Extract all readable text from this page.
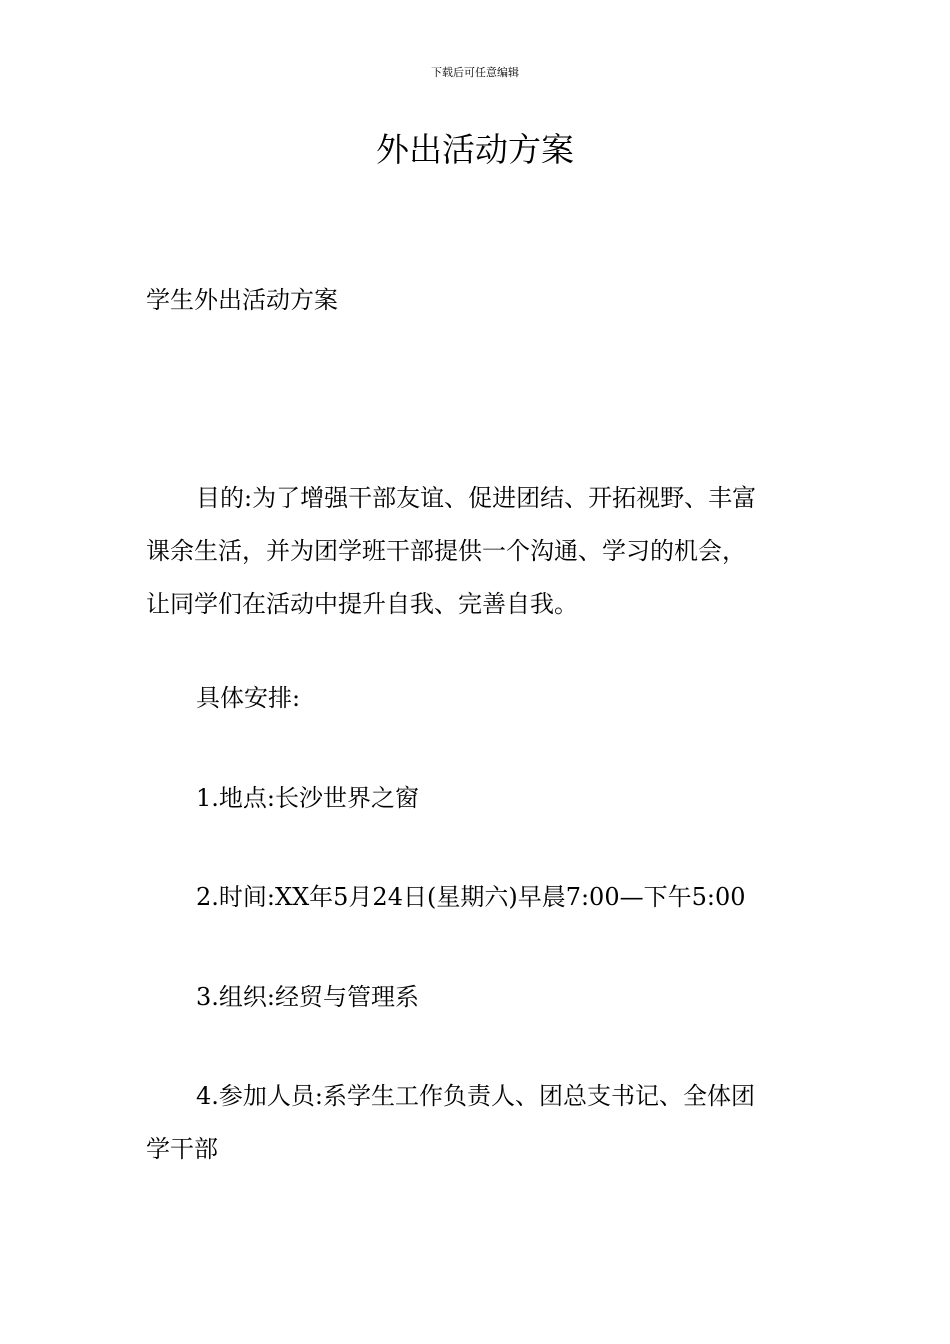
下载后可任意编辑
外出活动方案

学生外出活动方案

目的:为了增强干部友谊、促进团结、开拓视野、丰富
课余生活，并为团学班干部提供一个沟通、学习的机会，
让同学们在活动中提升自我、完善自我。
具体安排:
1.地点:长沙世界之窗
2.时间:XX年5月24日(星期六)早晨7:00—下午5:00
3.组织:经贸与管理系
4.参加人员:系学生工作负责人、团总支书记、全体团
学干部
